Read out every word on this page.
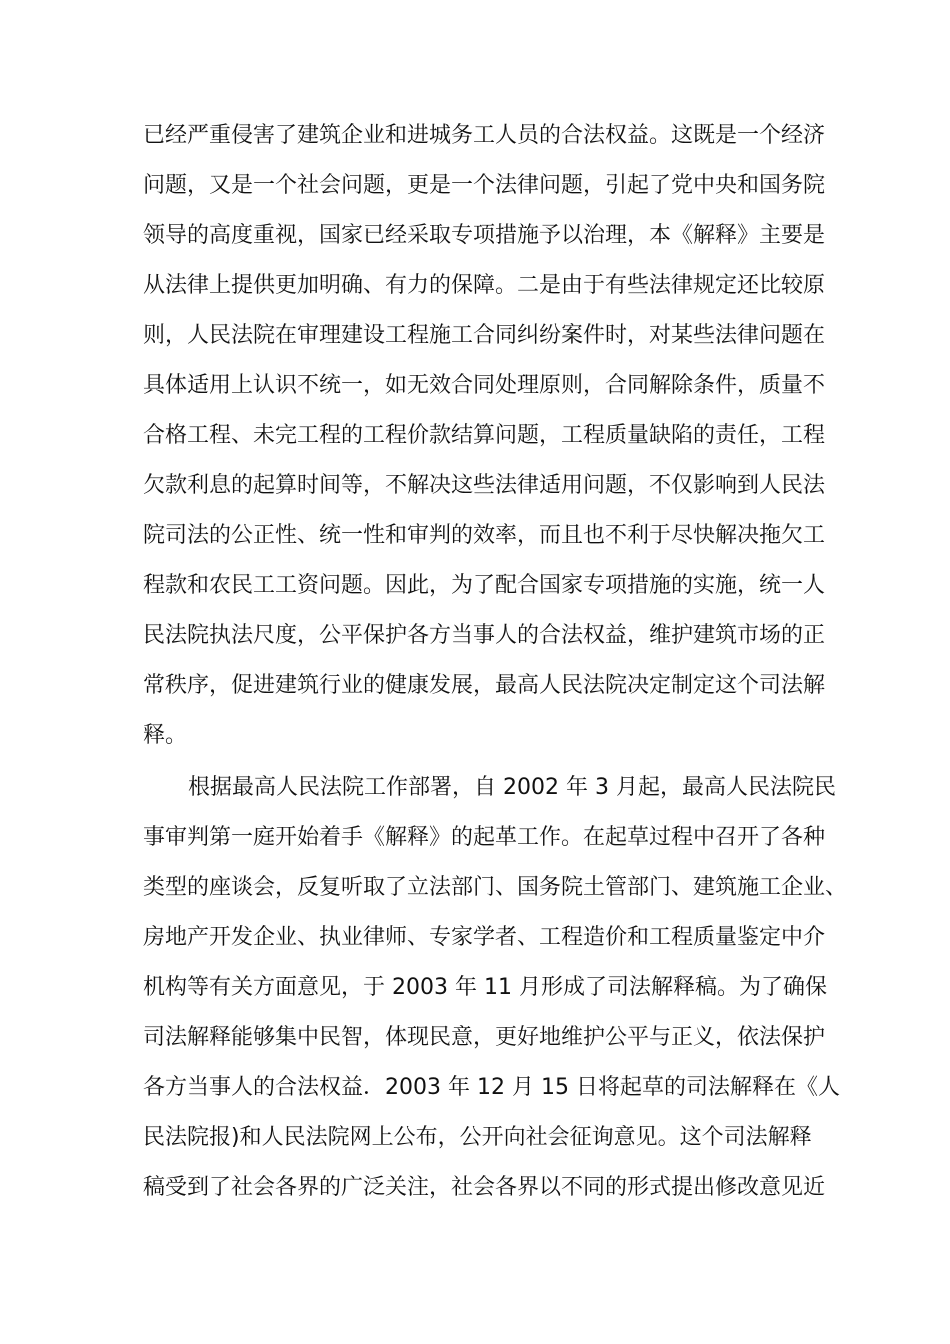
已经严重侵害了建筑企业和进城务工人员的合法权益。这既是一个经济
问题，又是一个社会问题，更是一个法律问题，引起了党中央和国务院
领导的高度重视，国家已经采取专项措施予以治理，本《解释》主要是
从法律上提供更加明确、有力的保障。二是由于有些法律规定还比较原
则，人民法院在审理建设工程施工合同纠纷案件时，对某些法律问题在
具体适用上认识不统一，如无效合同处理原则，合同解除条件，质量不
合格工程、未完工程的工程价款结算问题，工程质量缺陷的责任，工程
欠款利息的起算时间等，不解决这些法律适用问题，不仅影响到人民法
院司法的公正性、统一性和审判的效率，而且也不利于尽快解决拖欠工
程款和农民工工资问题。因此，为了配合国家专项措施的实施，统一人
民法院执法尺度，公平保护各方当事人的合法权益，维护建筑市场的正
常秩序，促进建筑行业的健康发展，最高人民法院决定制定这个司法解
释。
根据最高人民法院工作部署，自 2002 年 3 月起，最高人民法院民
事审判第一庭开始着手《解释》的起革工作。在起草过程中召开了各种
类型的座谈会，反复听取了立法部门、国务院土管部门、建筑施工企业、
房地产开发企业、执业律师、专家学者、工程造价和工程质量鉴定中介
机构等有关方面意见，于 2003 年 11 月形成了司法解释稿。为了确保
司法解释能够集中民智，体现民意，更好地维护公平与正义，依法保护
各方当事人的合法权益．2003 年 12 月 15 日将起草的司法解释在《人
民法院报)和人民法院网上公布，公开向社会征询意见。这个司法解释
稿受到了社会各界的广泛关注，社会各界以不同的形式提出修改意见近
